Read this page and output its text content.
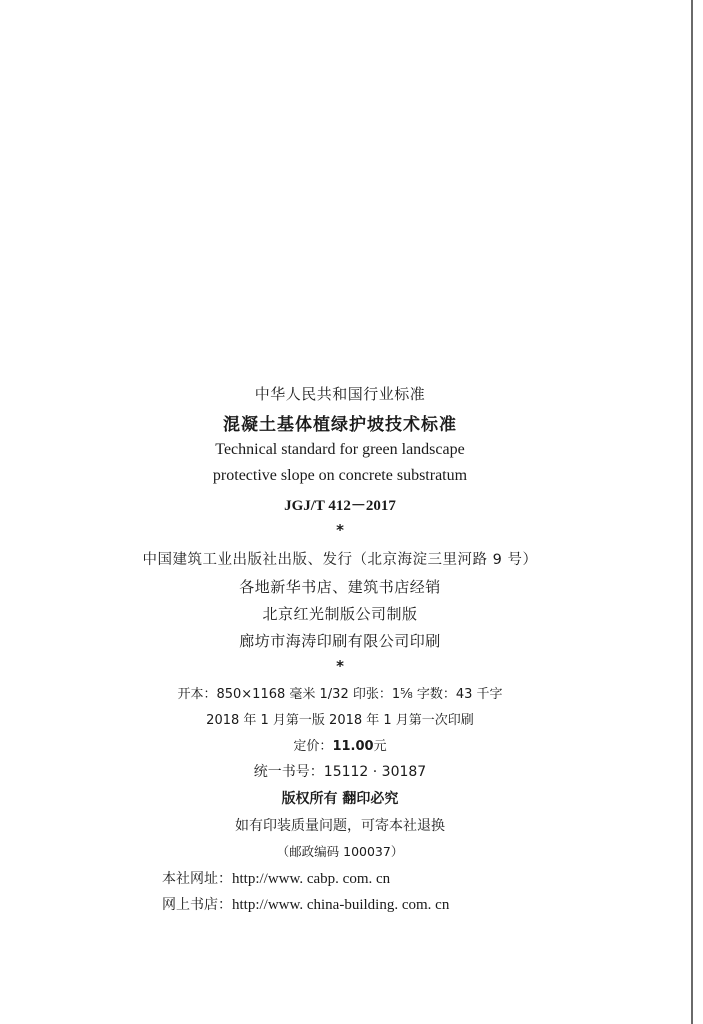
中华人民共和国行业标准
混凝土基体植绿护坡技术标准
Technical standard for green landscape
protective slope on concrete substratum
JGJ/T 412－2017
*
中国建筑工业出版社出版、发行（北京海淀三里河路 9 号）
各地新华书店、建筑书店经销
北京红光制版公司制版
廊坊市海涛印刷有限公司印刷
*
开本：850×1168 毫米 1/32 印张：1⅝ 字数：43 千字
2018 年 1 月第一版 2018 年 1 月第一次印刷
定价：11.00元
统一书号：15112 · 30187
版权所有 翻印必究
如有印装质量问题，可寄本社退换
（邮政编码 100037）
本社网址：http://www. cabp. com. cn
网上书店：http://www. china-building. com. cn
